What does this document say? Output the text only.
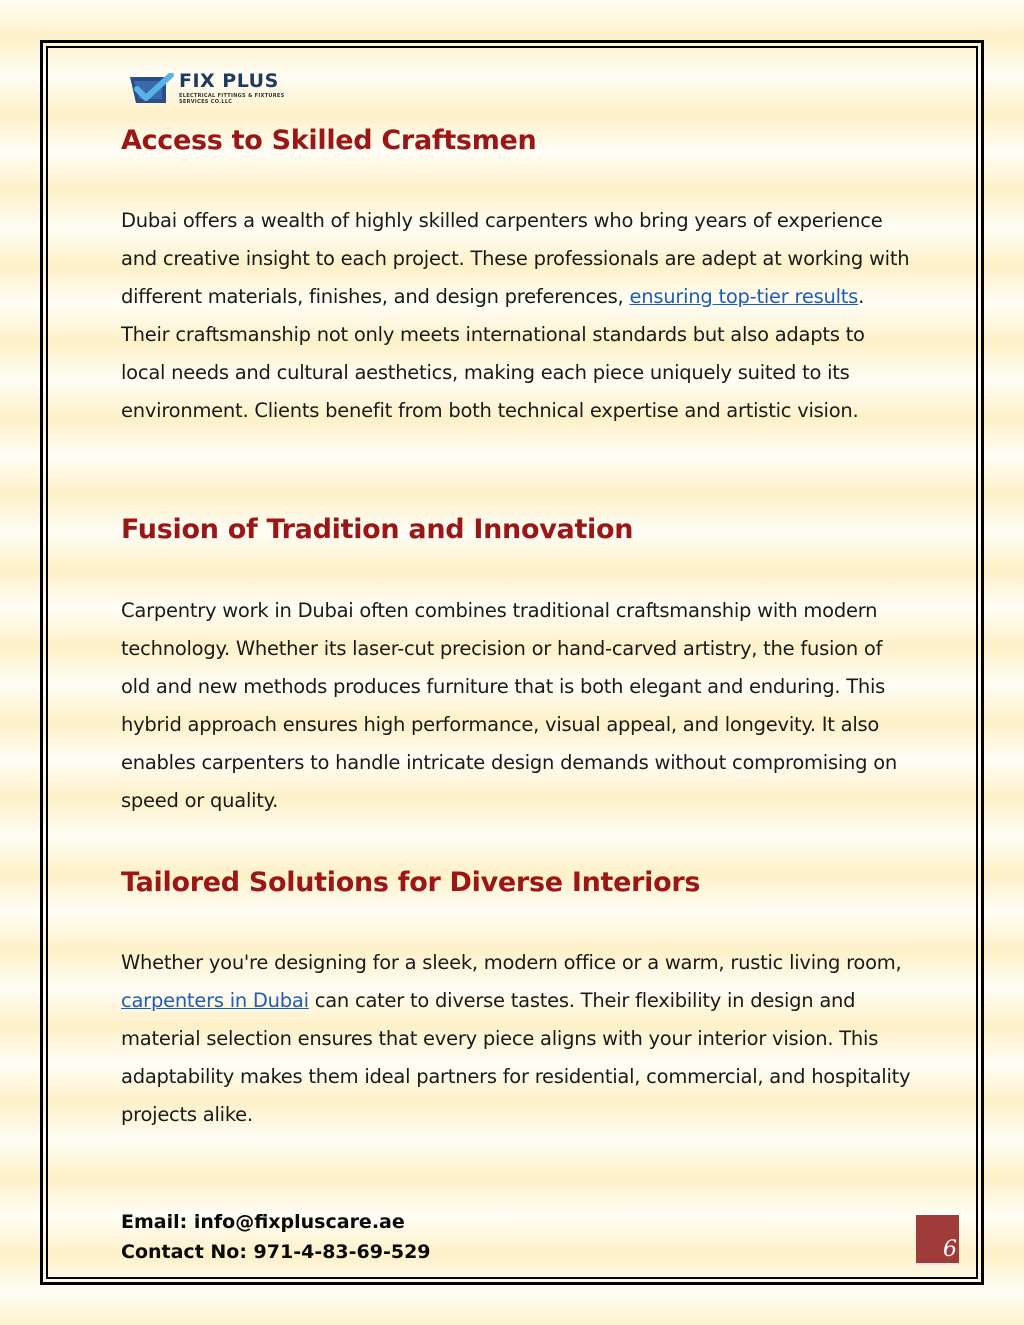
FIX PLUS
ELECTRICAL FITTINGS & FIXTURES SERVICES CO.LLC
Access to Skilled Craftsmen

Dubai offers a wealth of highly skilled carpenters who bring years of experience and creative insight to each project. These professionals are adept at working with different materials, finishes, and design preferences, ensuring top-tier results. Their craftsmanship not only meets international standards but also adapts to local needs and cultural aesthetics, making each piece uniquely suited to its environment. Clients benefit from both technical expertise and artistic vision.

Fusion of Tradition and Innovation

Carpentry work in Dubai often combines traditional craftsmanship with modern technology. Whether its laser-cut precision or hand-carved artistry, the fusion of old and new methods produces furniture that is both elegant and enduring. This hybrid approach ensures high performance, visual appeal, and longevity. It also enables carpenters to handle intricate design demands without compromising on speed or quality.

Tailored Solutions for Diverse Interiors

Whether you're designing for a sleek, modern office or a warm, rustic living room, carpenters in Dubai can cater to diverse tastes. Their flexibility in design and material selection ensures that every piece aligns with your interior vision. This adaptability makes them ideal partners for residential, commercial, and hospitality projects alike.

Email: info@fixpluscare.ae
Contact No: 971-4-83-69-529	6
